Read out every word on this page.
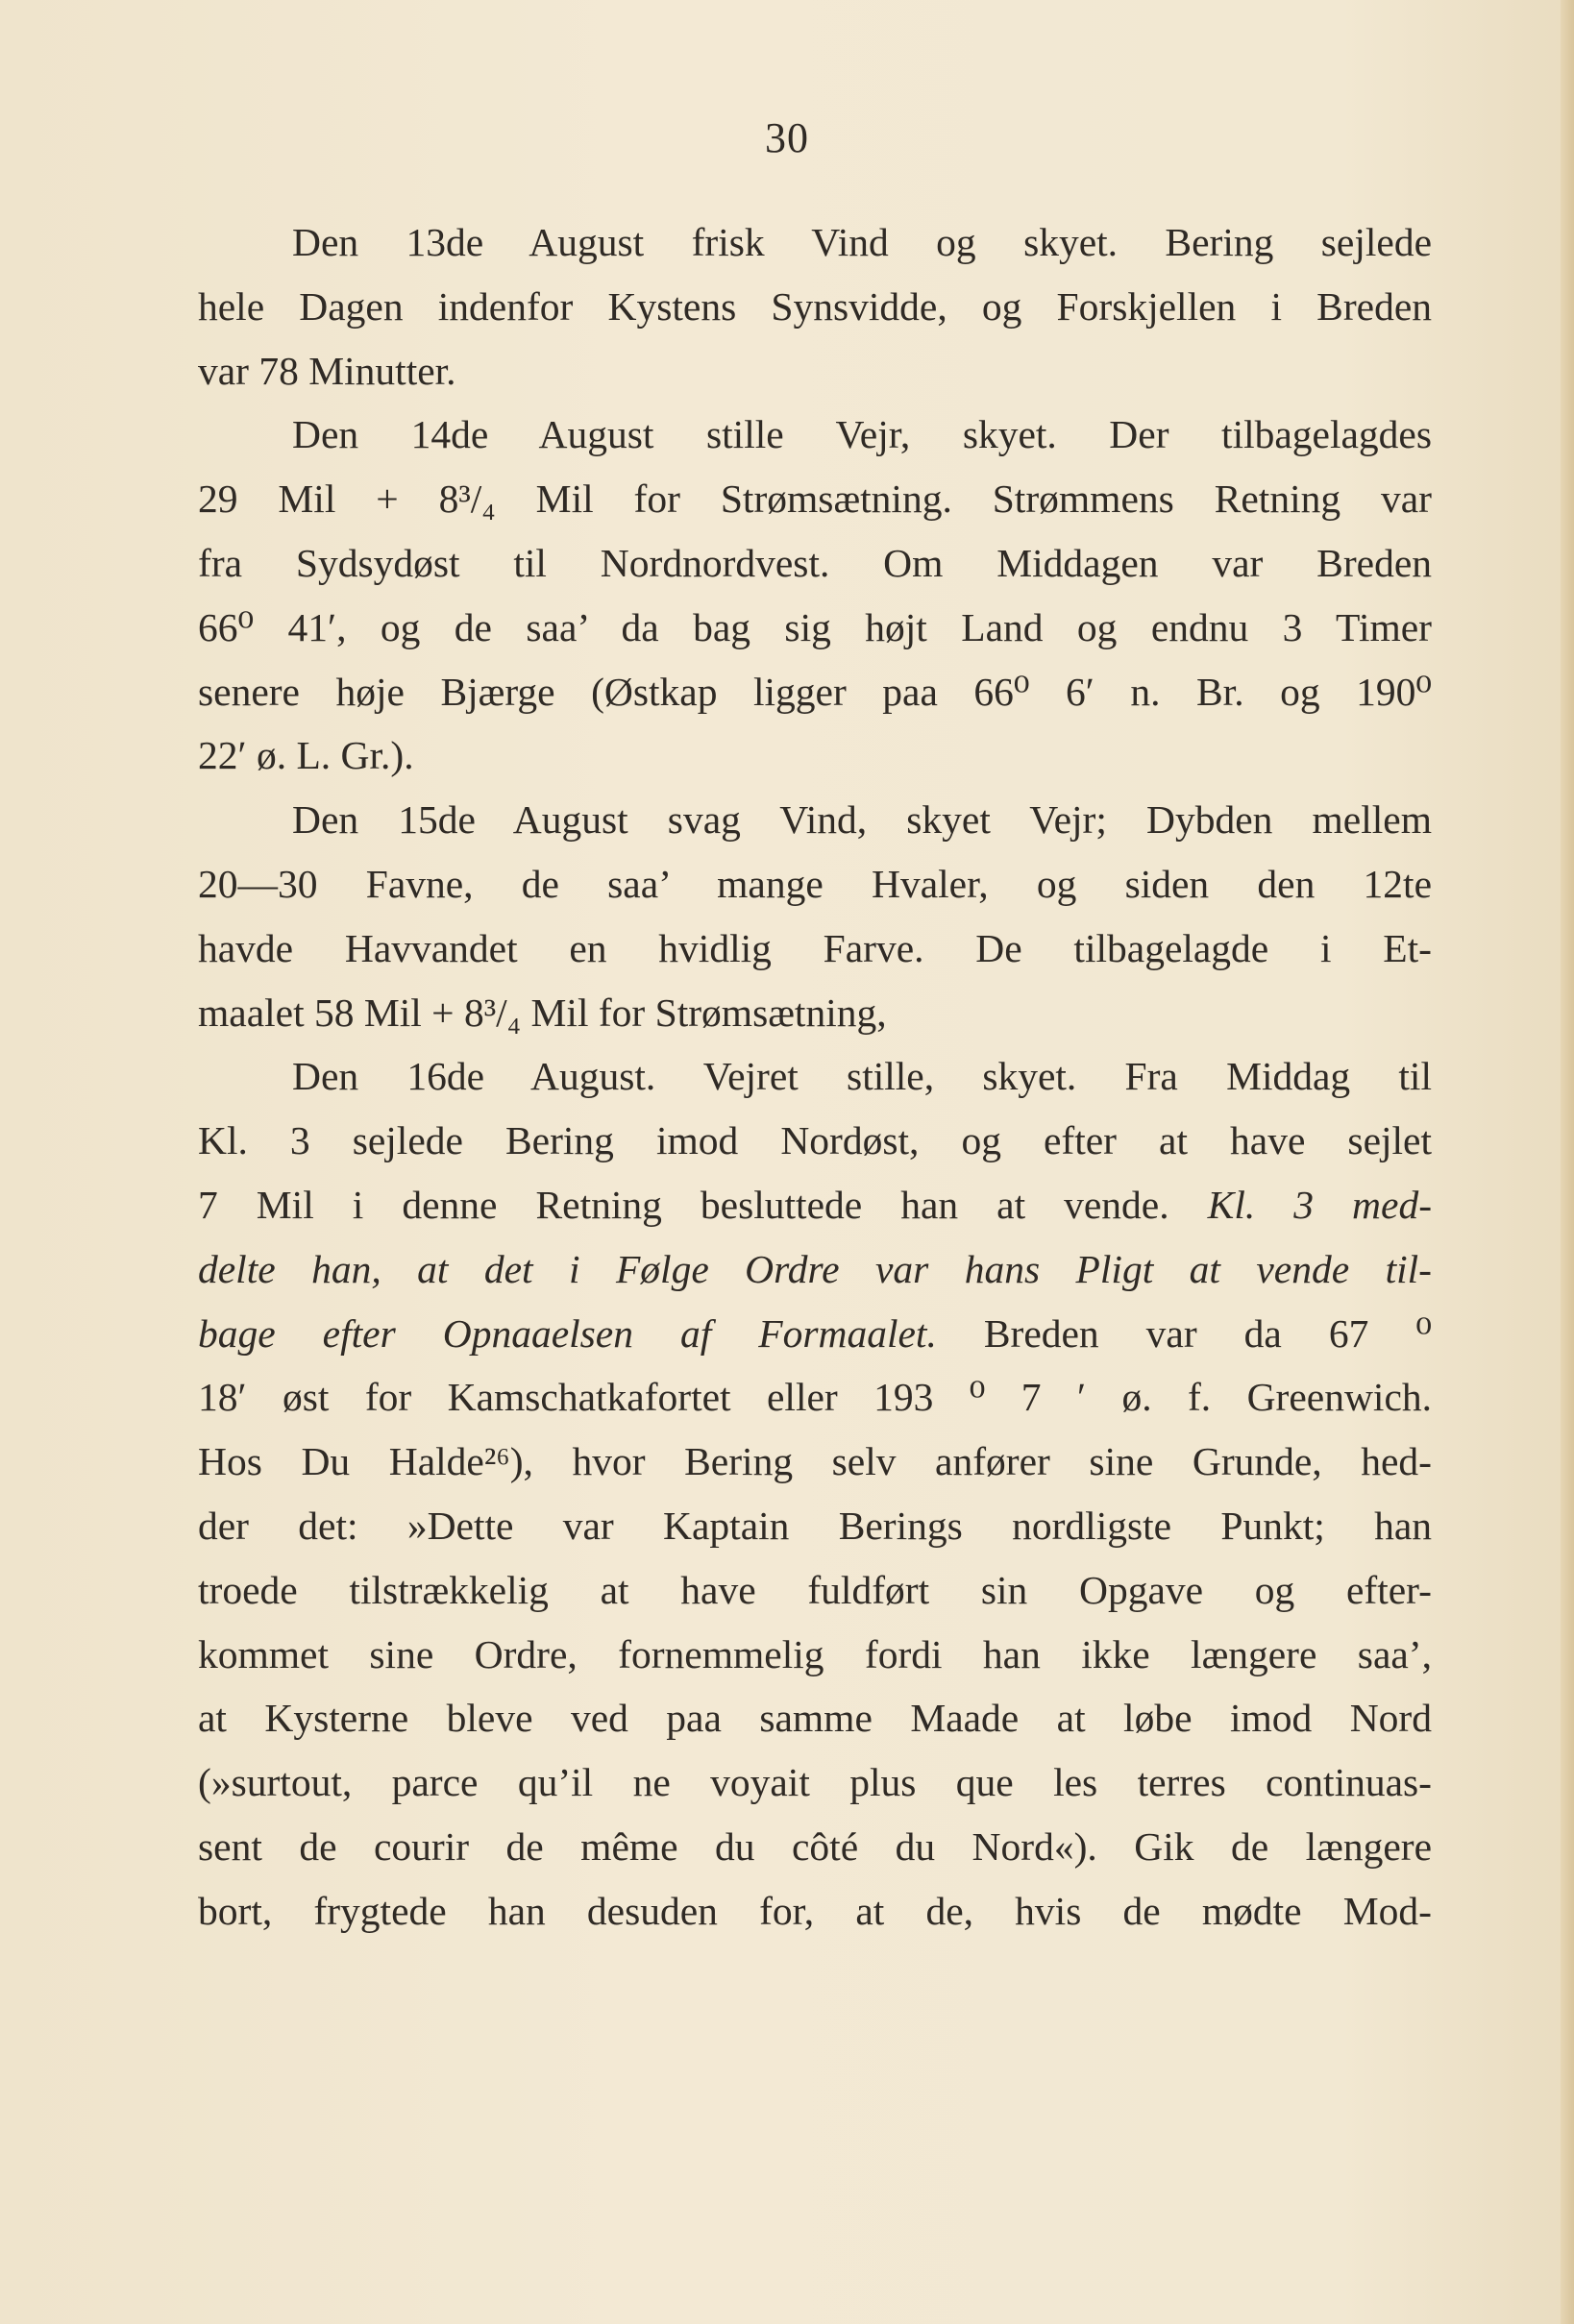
30
Den 13de August frisk Vind og skyet. Bering sejlede
hele Dagen indenfor Kystens Synsvidde, og Forskjellen i Breden
var 78 Minutter.
Den 14de August stille Vejr, skyet. Der tilbagelagdes
29 Mil + 8³/₄ Mil for Strømsætning. Strømmens Retning var
fra Sydsydøst til Nordnordvest. Om Middagen var Breden
66⁰ 41ʹ, og de saa’ da bag sig højt Land og endnu 3 Timer
senere høje Bjærge (Østkap ligger paa 66⁰ 6ʹ n. Br. og 190⁰
22ʹ ø. L. Gr.).
Den 15de August svag Vind, skyet Vejr; Dybden mellem
20—30 Favne, de saa’ mange Hvaler, og siden den 12te
havde Havvandet en hvidlig Farve. De tilbagelagde i Et-
maalet 58 Mil + 8³/₄ Mil for Strømsætning,
Den 16de August. Vejret stille, skyet. Fra Middag til
Kl. 3 sejlede Bering imod Nordøst, og efter at have sejlet
7 Mil i denne Retning besluttede han at vende. Kl. 3 med-
delte han, at det i Følge Ordre var hans Pligt at vende til-
bage efter Opnaaelsen af Formaalet. Breden var da 67 ⁰
18ʹ øst for Kamschatkafortet eller 193 ⁰ 7 ʹ ø. f. Greenwich.
Hos Du Halde²⁶), hvor Bering selv anfører sine Grunde, hed-
der det: »Dette var Kaptain Berings nordligste Punkt; han
troede tilstrækkelig at have fuldført sin Opgave og efter-
kommet sine Ordre, fornemmelig fordi han ikke længere saa’,
at Kysterne bleve ved paa samme Maade at løbe imod Nord
(»surtout, parce qu’il ne voyait plus que les terres continuas-
sent de courir de même du côté du Nord«). Gik de længere
bort, frygtede han desuden for, at de, hvis de mødte Mod-
